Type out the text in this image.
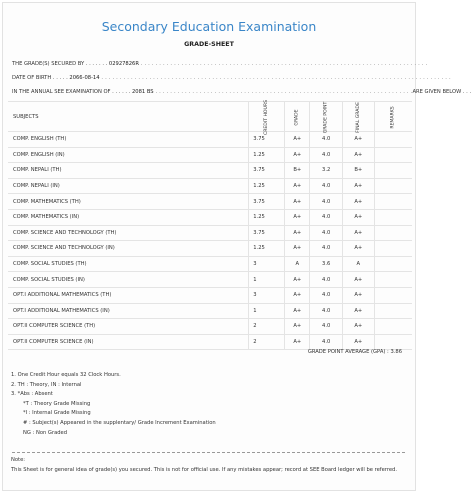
Secondary Education Examination
GRADE-SHEET
THE GRADE(S) SECURED BY . . . . . . . 02927826R . . . . . . . . . . . . . . . . . . . . . . . . . . . . . . . . . . . . . . . . . . . . . . . . . . . . . . . . . . . . . . . . . . . . . . . . . . . . . .
DATE OF BIRTH . . . . . 2066-08-14 . . . . . . . . . . . . . . . . . . . . . . . . . . . . . . . . . . . . . . . . . . . . . . . . . . . . . . . . . . . . . . . . . . . . . . . . . . . . . . . . . . . . . . . . . . . . . . .
IN THE ANNUAL SEE EXAMINATION OF . . . . . . 2081 BS . . . . . . . . . . . . . . . . . . . . . . . . . . . . . . . . . . . . . . . . . . . . . . . . . . . . . . . . . . . . . . . . . . . . . .ARE GIVEN BELOW . . .
SUBJECTS	CREDIT HOURS	GRADE	GRADE POINT	FINAL GRADE	REMARKS
COMP. ENGLISH (TH)	3.75	A+	4.0	A+	
COMP. ENGLISH (IN)	1.25	A+	4.0	A+	
COMP. NEPALI (TH)	3.75	B+	3.2	B+	
COMP. NEPALI (IN)	1.25	A+	4.0	A+	
COMP. MATHEMATICS (TH)	3.75	A+	4.0	A+	
COMP. MATHEMATICS (IN)	1.25	A+	4.0	A+	
COMP. SCIENCE AND TECHNOLOGY (TH)	3.75	A+	4.0	A+	
COMP. SCIENCE AND TECHNOLOGY (IN)	1.25	A+	4.0	A+	
COMP. SOCIAL STUDIES (TH)	3	A	3.6	A	
COMP. SOCIAL STUDIES (IN)	1	A+	4.0	A+	
OPT.I ADDITIONAL MATHEMATICS (TH)	3	A+	4.0	A+	
OPT.I ADDITIONAL MATHEMATICS (IN)	1	A+	4.0	A+	
OPT.II COMPUTER SCIENCE (TH)	2	A+	4.0	A+	
OPT.II COMPUTER SCIENCE (IN)	2	A+	4.0	A+	
GRADE POINT AVERAGE (GPA) : 3.86
1. One Credit Hour equals 32 Clock Hours.
2. TH : Theory, IN : Internal
3. *Abs : Absent
*T : Theory Grade Missing
*I : Internal Grade Missing
# : Subject(s) Appeared in the supplentary/ Grade Increment Examination
NG : Non Graded
Note:
This Sheet is for general idea of grade(s) you secured. This is not for official use. If any mistakes appear; record at SEE Board ledger will be referred.
